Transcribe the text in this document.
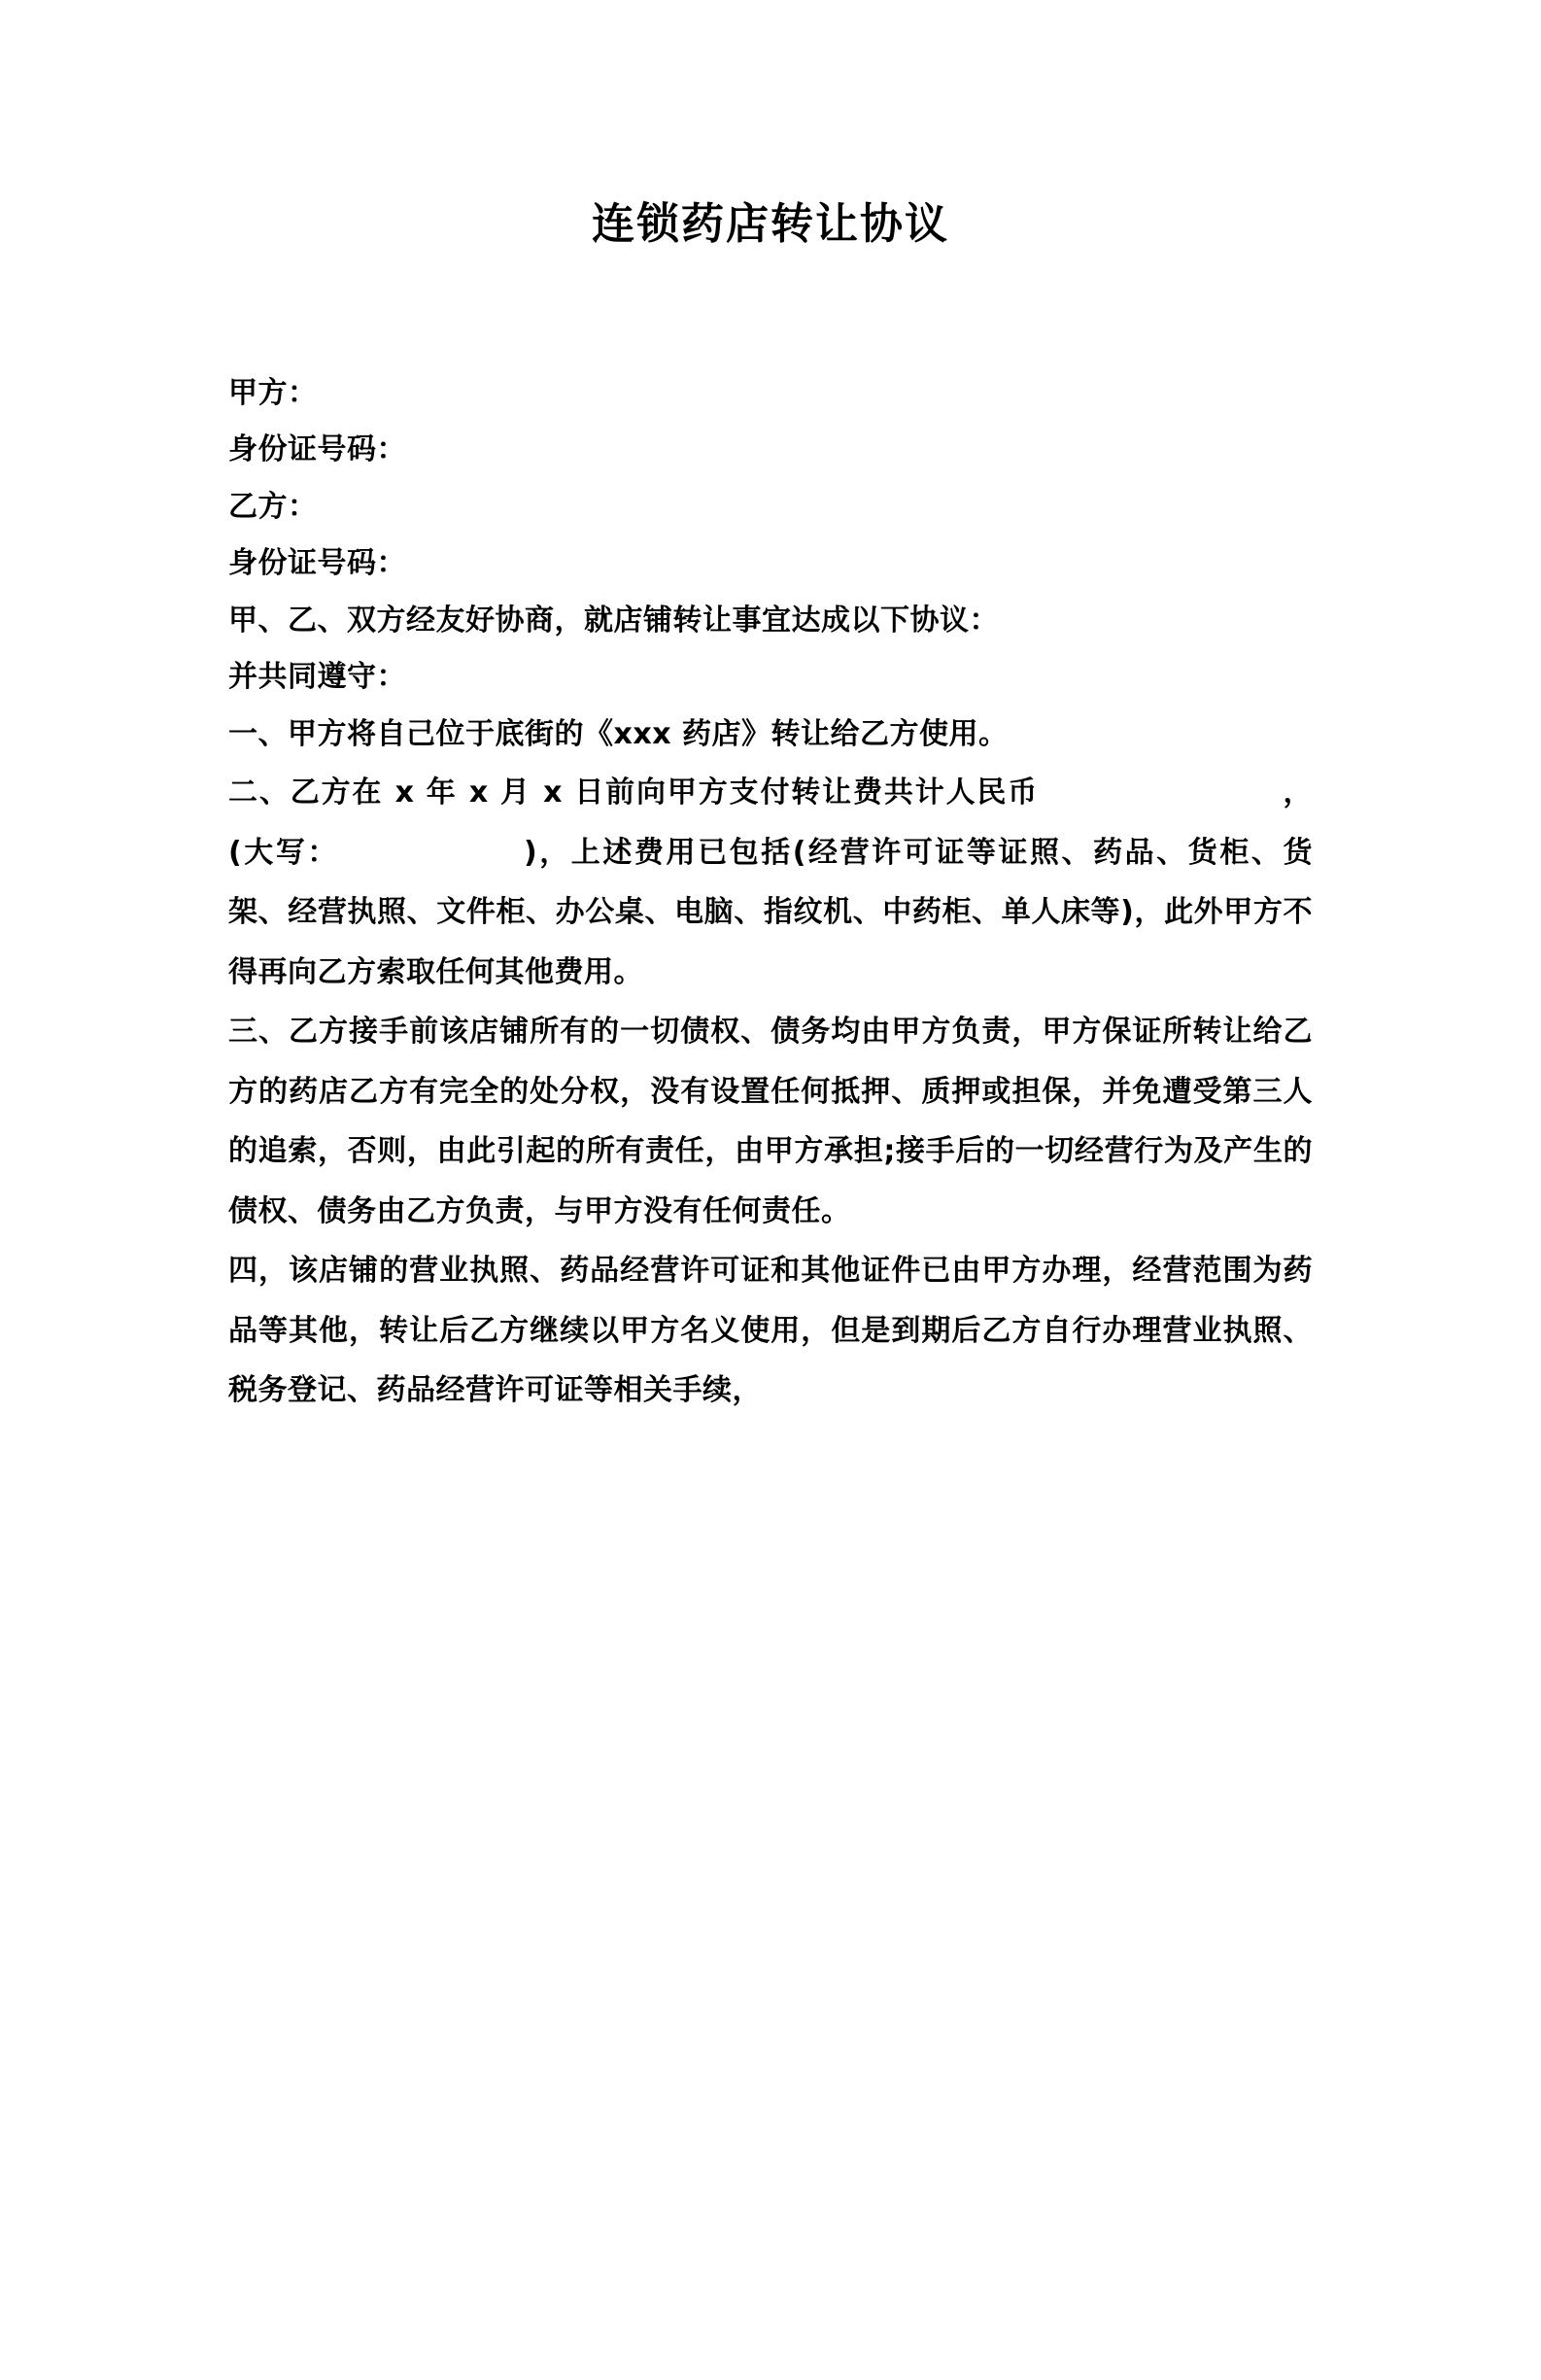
连锁药店转让协议

甲方：

身份证号码：

乙方：

身份证号码：

甲、乙、双方经友好协商，就店铺转让事宜达成以下协议：

并共同遵守：

一、甲方将自己位于底街的《xxx 药店》转让给乙方使用。

二、乙方在 x 年 x 月 x 日前向甲方支付转让费共计人民币	，(大写：	)，上述费用已包括(经营许可证等证照、药品、货柜、货架、经营执照、文件柜、办公桌、电脑、指纹机、中药柜、单人床等)，此外甲方不得再向乙方索取任何其他费用。

三、乙方接手前该店铺所有的一切债权、债务均由甲方负责，甲方保证所转让给乙方的药店乙方有完全的处分权，没有设置任何抵押、质押或担保，并免遭受第三人的追索，否则，由此引起的所有责任，由甲方承担;接手后的一切经营行为及产生的债权、债务由乙方负责，与甲方没有任何责任。

四，该店铺的营业执照、药品经营许可证和其他证件已由甲方办理，经营范围为药品等其他，转让后乙方继续以甲方名义使用，但是到期后乙方自行办理营业执照、税务登记、药品经营许可证等相关手续，
